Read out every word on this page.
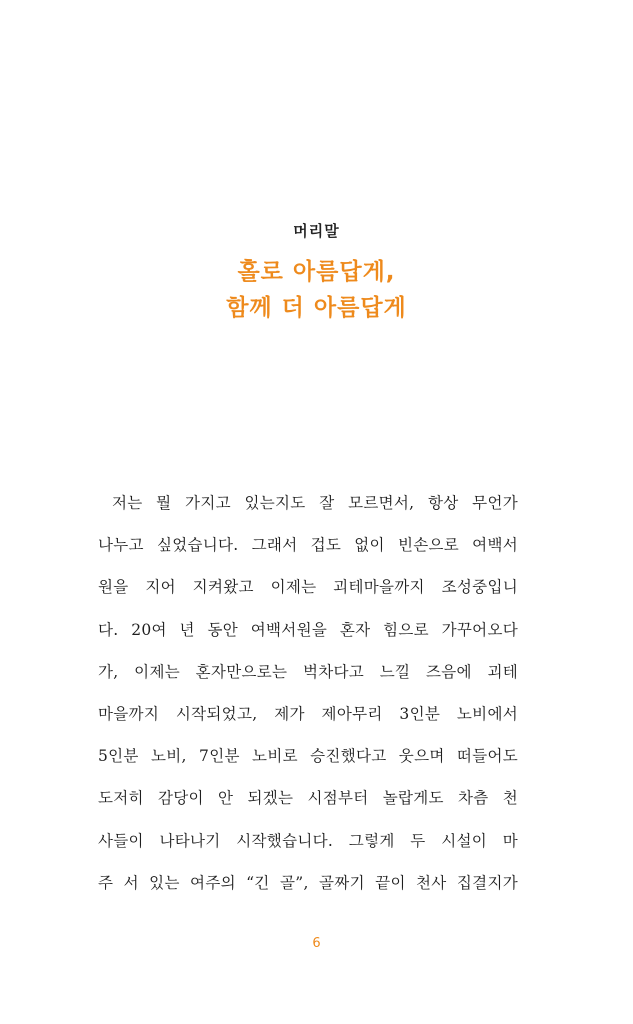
머리말
홀로 아름답게,
함께 더 아름답게
저는 뭘 가지고 있는지도 잘 모르면서, 항상 무언가
나누고 싶었습니다. 그래서 겁도 없이 빈손으로 여백서
원을 지어 지켜왔고 이제는 괴테마을까지 조성중입니
다. 20여 년 동안 여백서원을 혼자 힘으로 가꾸어오다
가, 이제는 혼자만으로는 벅차다고 느낄 즈음에 괴테
마을까지 시작되었고, 제가 제아무리 3인분 노비에서
5인분 노비, 7인분 노비로 승진했다고 웃으며 떠들어도
도저히 감당이 안 되겠는 시점부터 놀랍게도 차츰 천
사들이 나타나기 시작했습니다. 그렇게 두 시설이 마
주 서 있는 여주의 “긴 골”, 골짜기 끝이 천사 집결지가
6
